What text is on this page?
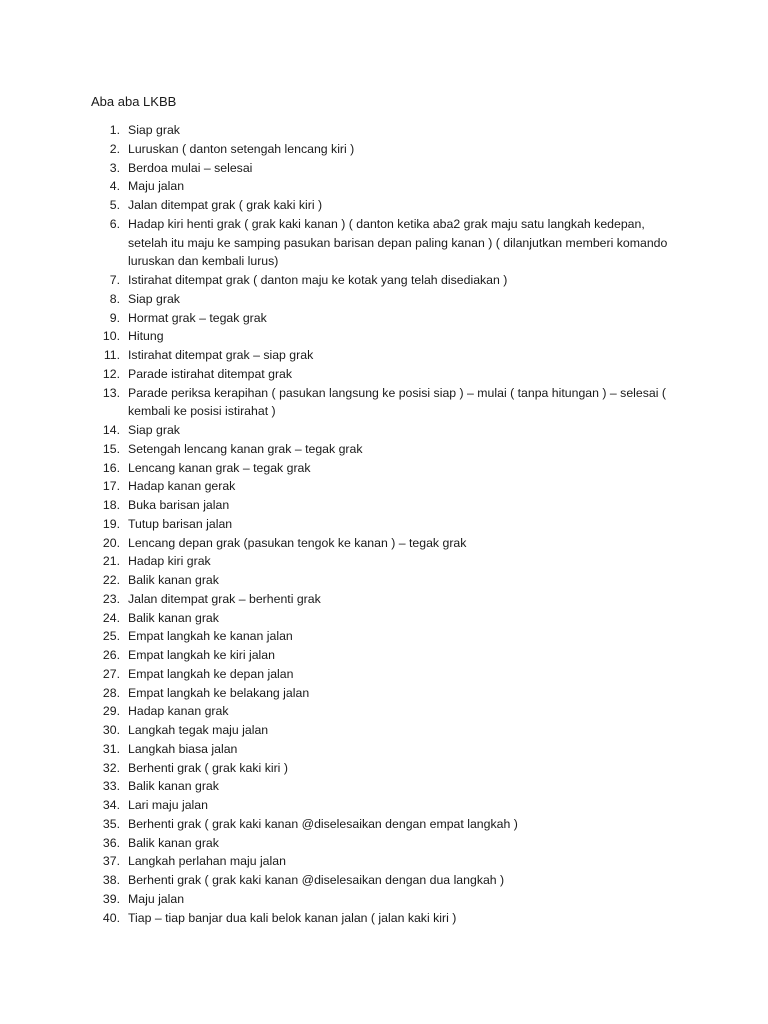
Aba aba LKBB
1. Siap grak
2. Luruskan ( danton setengah lencang kiri )
3. Berdoa mulai – selesai
4. Maju jalan
5. Jalan ditempat grak ( grak kaki kiri )
6. Hadap kiri henti grak ( grak kaki kanan ) ( danton ketika aba2 grak maju satu langkah kedepan, setelah itu maju ke samping pasukan barisan depan paling kanan ) ( dilanjutkan memberi komando luruskan dan kembali lurus)
7. Istirahat ditempat grak ( danton maju ke kotak yang telah disediakan )
8. Siap grak
9. Hormat grak – tegak grak
10. Hitung
11. Istirahat ditempat grak – siap grak
12. Parade istirahat ditempat grak
13. Parade periksa kerapihan ( pasukan langsung ke posisi siap ) – mulai ( tanpa hitungan ) – selesai ( kembali ke posisi istirahat )
14. Siap grak
15. Setengah lencang kanan grak – tegak grak
16. Lencang kanan grak – tegak grak
17. Hadap kanan gerak
18. Buka barisan jalan
19. Tutup barisan jalan
20. Lencang depan grak (pasukan tengok ke kanan ) – tegak grak
21. Hadap kiri grak
22. Balik kanan grak
23. Jalan ditempat grak – berhenti grak
24. Balik kanan grak
25. Empat langkah ke kanan jalan
26. Empat langkah ke kiri jalan
27. Empat langkah ke depan jalan
28. Empat langkah ke belakang jalan
29. Hadap kanan grak
30. Langkah tegak maju jalan
31. Langkah biasa jalan
32. Berhenti grak ( grak kaki kiri )
33. Balik kanan grak
34. Lari maju jalan
35. Berhenti grak ( grak kaki kanan @diselesaikan dengan empat langkah )
36. Balik kanan grak
37. Langkah perlahan maju jalan
38. Berhenti grak ( grak kaki kanan @diselesaikan dengan dua langkah )
39. Maju jalan
40. Tiap – tiap banjar dua kali belok kanan jalan ( jalan kaki kiri )
